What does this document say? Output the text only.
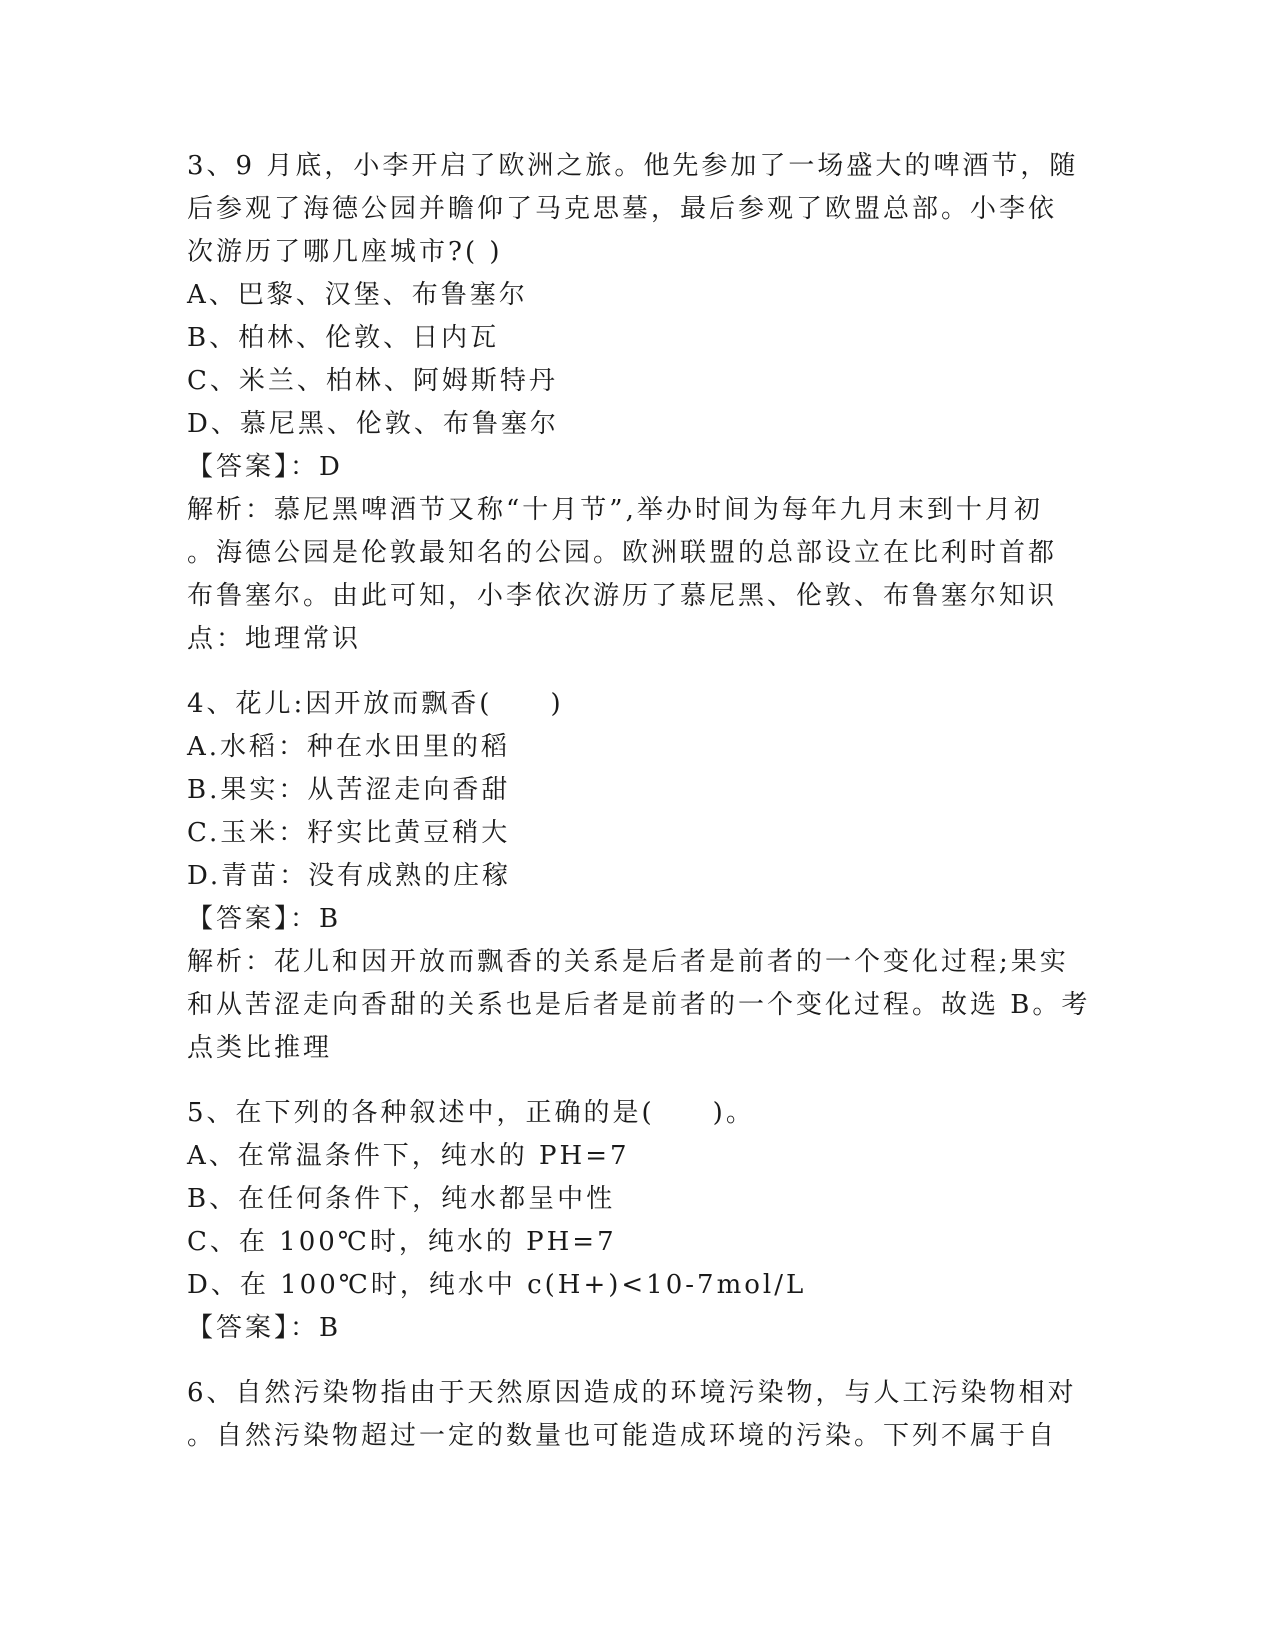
3、9 月底，小李开启了欧洲之旅。他先参加了一场盛大的啤酒节，随
后参观了海德公园并瞻仰了马克思墓，最后参观了欧盟总部。小李依
次游历了哪几座城市?( )
A、巴黎、汉堡、布鲁塞尔
B、柏林、伦敦、日内瓦
C、米兰、柏林、阿姆斯特丹
D、慕尼黑、伦敦、布鲁塞尔
【答案】：D
解析：慕尼黑啤酒节又称“十月节”,举办时间为每年九月末到十月初
。海德公园是伦敦最知名的公园。欧洲联盟的总部设立在比利时首都
布鲁塞尔。由此可知，小李依次游历了慕尼黑、伦敦、布鲁塞尔知识
点：地理常识
4、花儿:因开放而飘香(　　)
A.水稻：种在水田里的稻
B.果实：从苦涩走向香甜
C.玉米：籽实比黄豆稍大
D.青苗：没有成熟的庄稼
【答案】：B
解析：花儿和因开放而飘香的关系是后者是前者的一个变化过程;果实
和从苦涩走向香甜的关系也是后者是前者的一个变化过程。故选 B。考
点类比推理
5、在下列的各种叙述中，正确的是(　　)。
A、在常温条件下，纯水的 PH=7
B、在任何条件下，纯水都呈中性
C、在 100℃时，纯水的 PH=7
D、在 100℃时，纯水中 c(H+)<10-7mol/L
【答案】：B
6、自然污染物指由于天然原因造成的环境污染物，与人工污染物相对
。自然污染物超过一定的数量也可能造成环境的污染。下列不属于自
